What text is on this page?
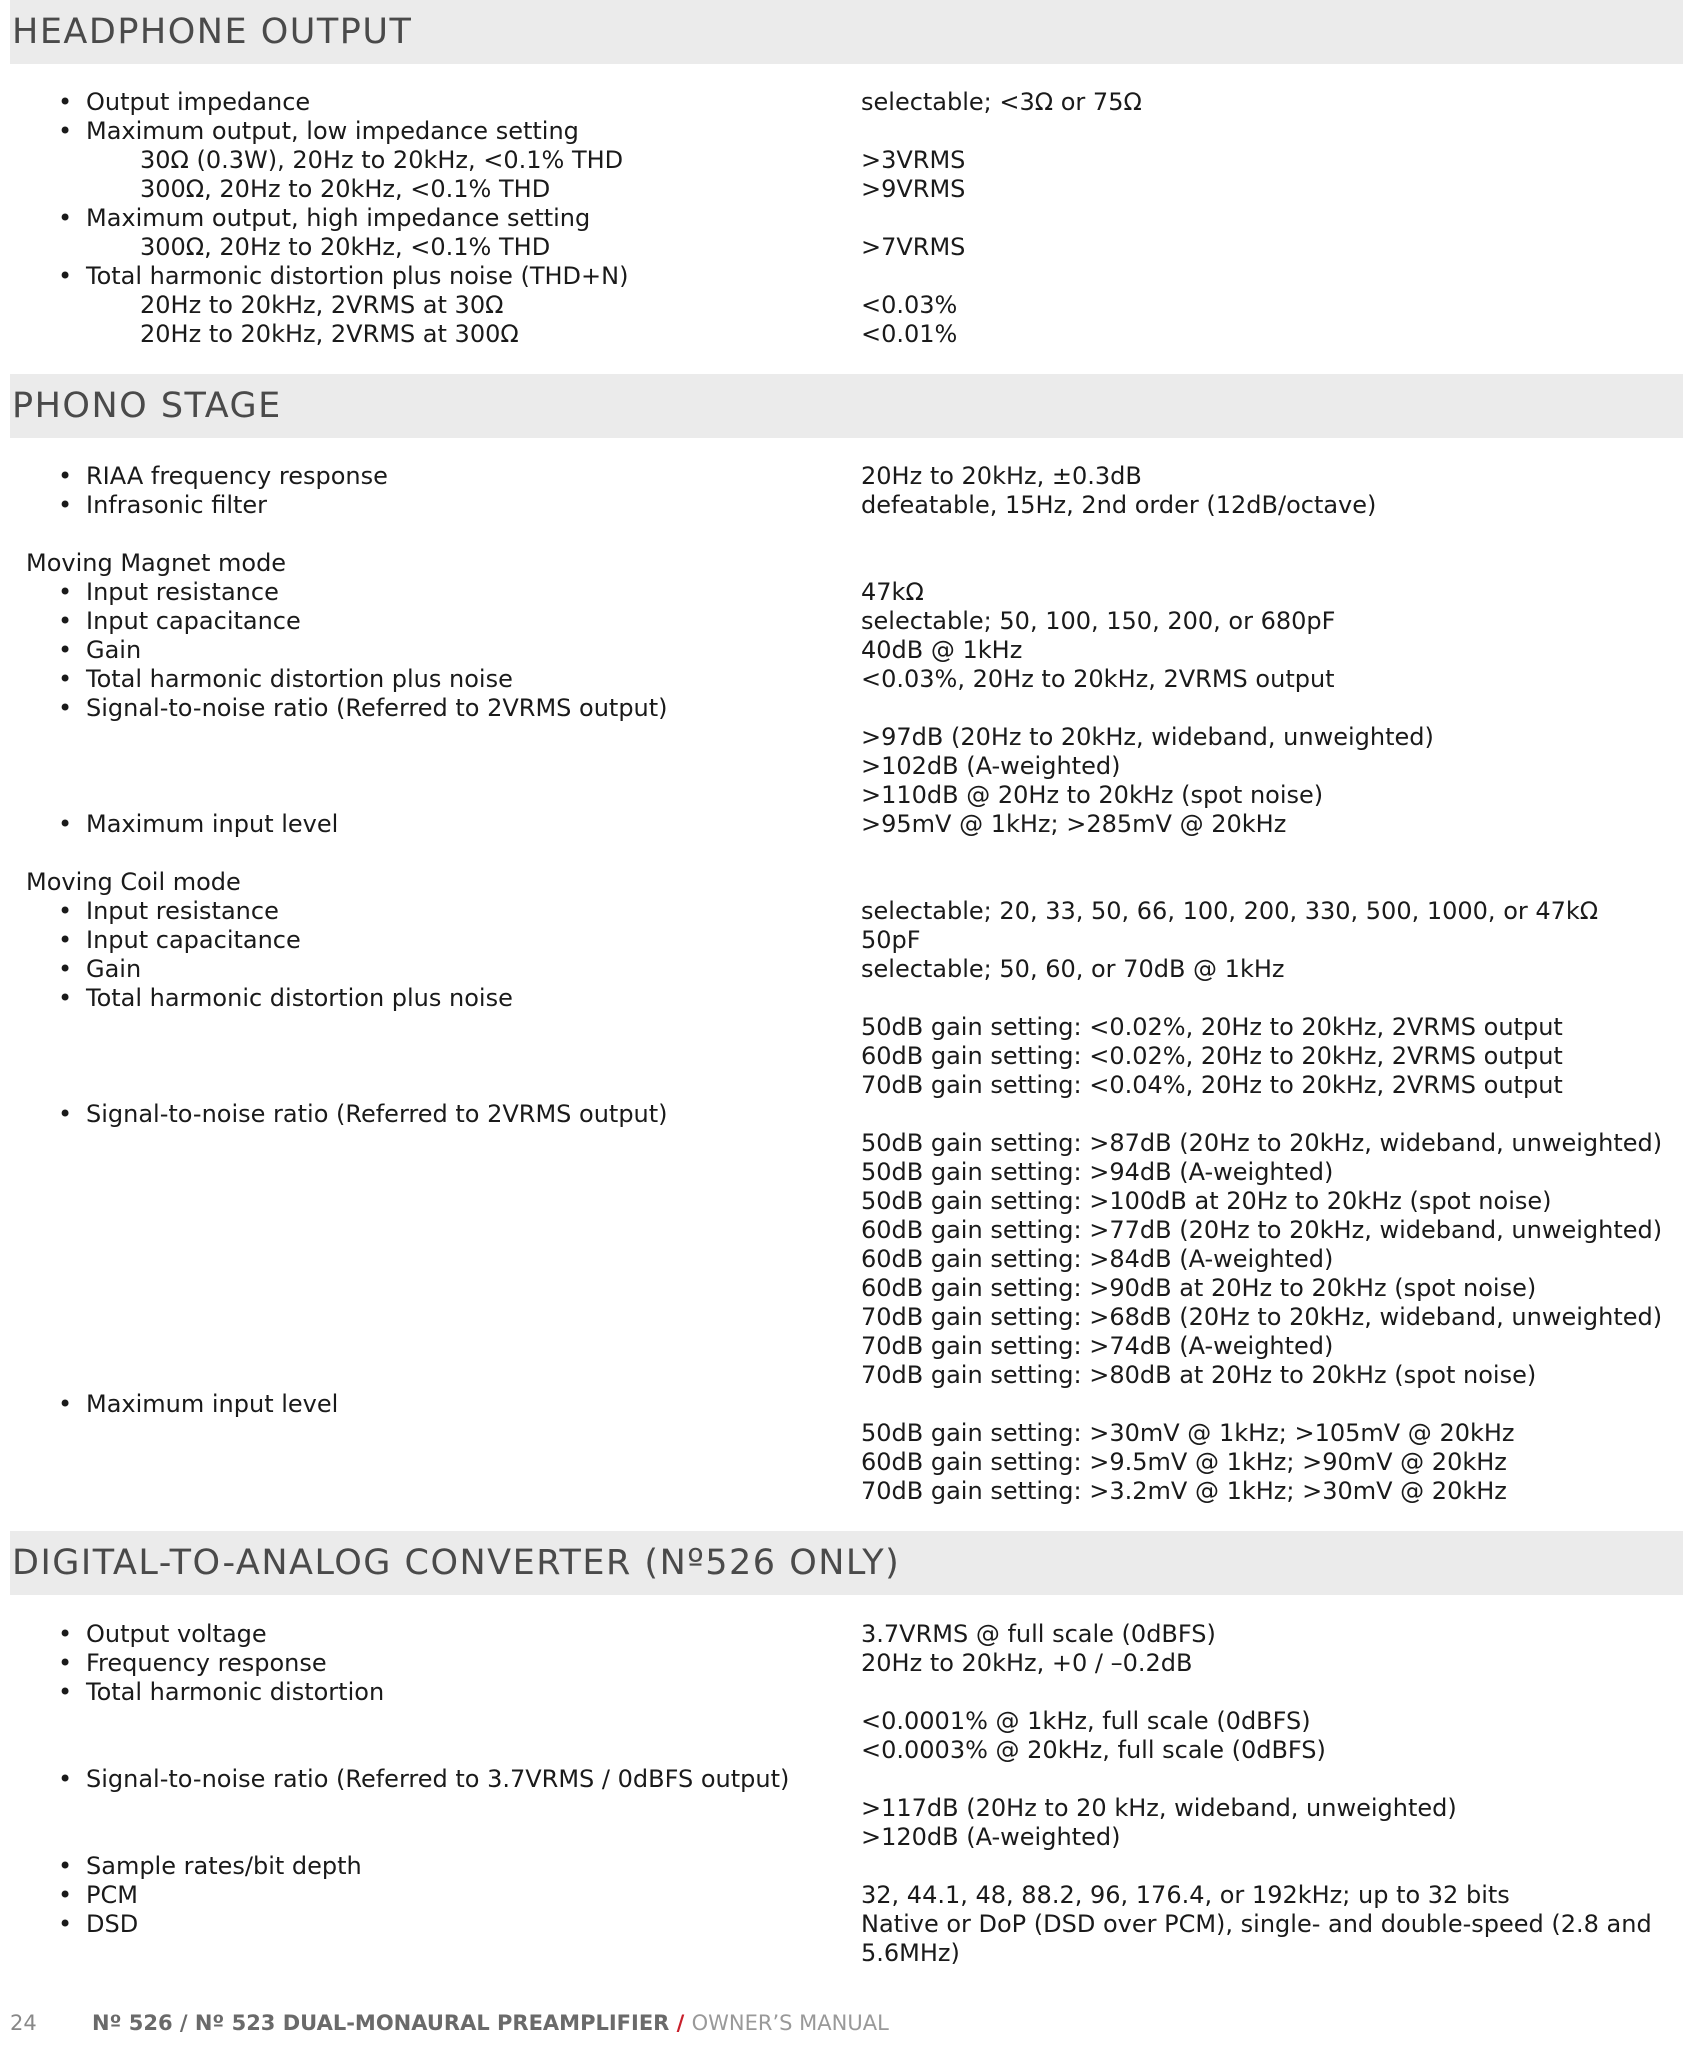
HEADPHONE OUTPUT
• Output impedance	selectable; <3Ω or 75Ω
• Maximum output, low impedance setting
30Ω (0.3W), 20Hz to 20kHz, <0.1% THD	>3VRMS
300Ω, 20Hz to 20kHz, <0.1% THD	>9VRMS
• Maximum output, high impedance setting
300Ω, 20Hz to 20kHz, <0.1% THD	>7VRMS
• Total harmonic distortion plus noise (THD+N)
20Hz to 20kHz, 2VRMS at 30Ω	<0.03%
20Hz to 20kHz, 2VRMS at 300Ω	<0.01%
PHONO STAGE
• RIAA frequency response	20Hz to 20kHz, ±0.3dB
• Infrasonic filter	defeatable, 15Hz, 2nd order (12dB/octave)
Moving Magnet mode
• Input resistance	47kΩ
• Input capacitance	selectable; 50, 100, 150, 200, or 680pF
• Gain	40dB @ 1kHz
• Total harmonic distortion plus noise	<0.03%, 20Hz to 20kHz, 2VRMS output
• Signal-to-noise ratio (Referred to 2VRMS output)
>97dB (20Hz to 20kHz, wideband, unweighted)
>102dB (A-weighted)
>110dB @ 20Hz to 20kHz (spot noise)
• Maximum input level	>95mV @ 1kHz; >285mV @ 20kHz
Moving Coil mode
• Input resistance	selectable; 20, 33, 50, 66, 100, 200, 330, 500, 1000, or 47kΩ
• Input capacitance	50pF
• Gain	selectable; 50, 60, or 70dB @ 1kHz
• Total harmonic distortion plus noise
50dB gain setting: <0.02%, 20Hz to 20kHz, 2VRMS output
60dB gain setting: <0.02%, 20Hz to 20kHz, 2VRMS output
70dB gain setting: <0.04%, 20Hz to 20kHz, 2VRMS output
• Signal-to-noise ratio (Referred to 2VRMS output)
50dB gain setting: >87dB (20Hz to 20kHz, wideband, unweighted)
50dB gain setting: >94dB (A-weighted)
50dB gain setting: >100dB at 20Hz to 20kHz (spot noise)
60dB gain setting: >77dB (20Hz to 20kHz, wideband, unweighted)
60dB gain setting: >84dB (A-weighted)
60dB gain setting: >90dB at 20Hz to 20kHz (spot noise)
70dB gain setting: >68dB (20Hz to 20kHz, wideband, unweighted)
70dB gain setting: >74dB (A-weighted)
70dB gain setting: >80dB at 20Hz to 20kHz (spot noise)
• Maximum input level
50dB gain setting: >30mV @ 1kHz; >105mV @ 20kHz
60dB gain setting: >9.5mV @ 1kHz; >90mV @ 20kHz
70dB gain setting: >3.2mV @ 1kHz; >30mV @ 20kHz
DIGITAL-TO-ANALOG CONVERTER (Nº526 ONLY)
• Output voltage	3.7VRMS @ full scale (0dBFS)
• Frequency response	20Hz to 20kHz, +0 / –0.2dB
• Total harmonic distortion
<0.0001% @ 1kHz, full scale (0dBFS)
<0.0003% @ 20kHz, full scale (0dBFS)
• Signal-to-noise ratio (Referred to 3.7VRMS / 0dBFS output)
>117dB (20Hz to 20 kHz, wideband, unweighted)
>120dB (A-weighted)
• Sample rates/bit depth
• PCM	32, 44.1, 48, 88.2, 96, 176.4, or 192kHz; up to 32 bits
• DSD	Native or DoP (DSD over PCM), single- and double-speed (2.8 and
5.6MHz)
24	Nº 526 / Nº 523 DUAL-MONAURAL PREAMPLIFIER / OWNER’S MANUAL
